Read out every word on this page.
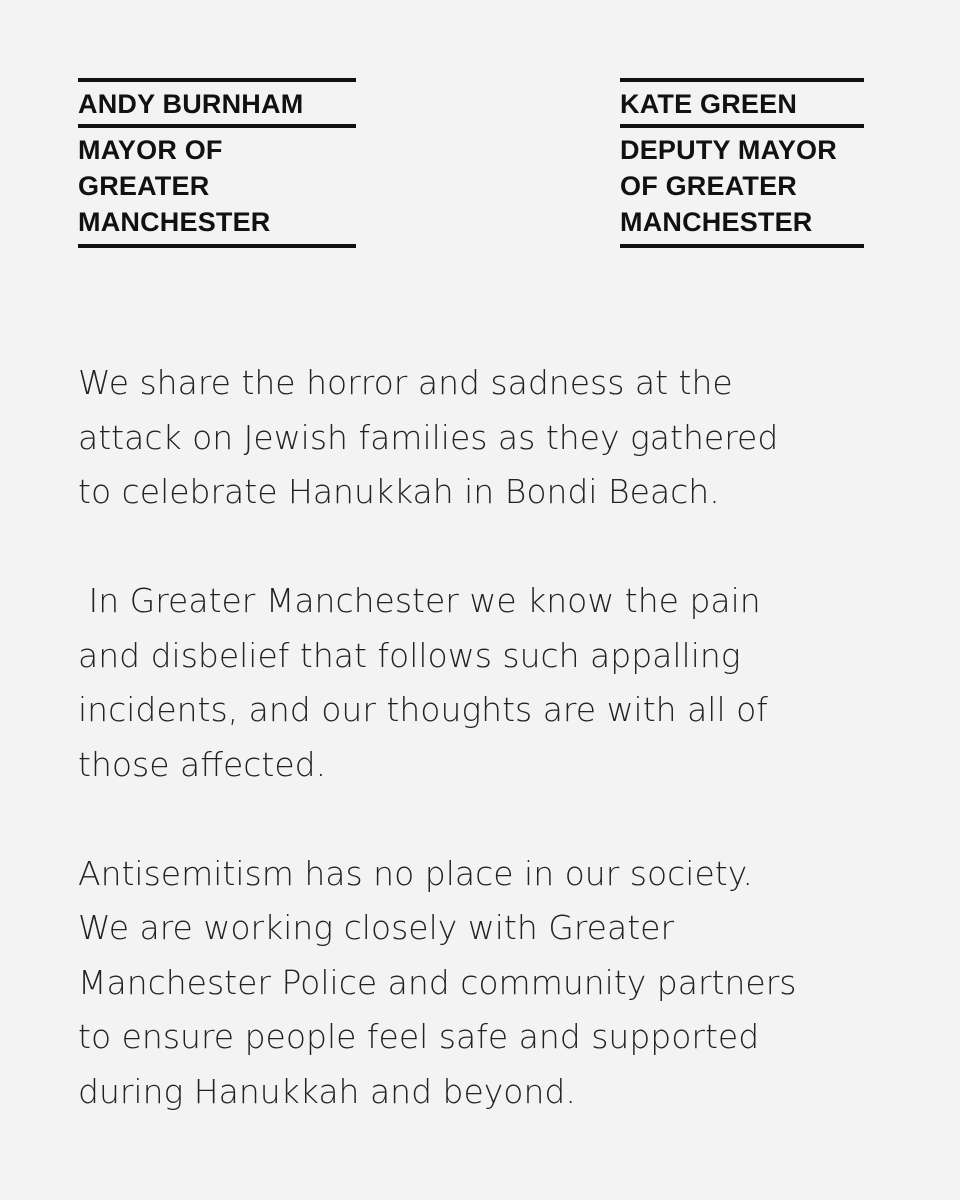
ANDY BURNHAM
MAYOR OF
GREATER
MANCHESTER
KATE GREEN
DEPUTY MAYOR
OF GREATER
MANCHESTER

We share the horror and sadness at the
attack on Jewish families as they gathered
to celebrate Hanukkah in Bondi Beach.

In Greater Manchester we know the pain
and disbelief that follows such appalling
incidents, and our thoughts are with all of
those affected.

Antisemitism has no place in our society.
We are working closely with Greater
Manchester Police and community partners
to ensure people feel safe and supported
during Hanukkah and beyond.
